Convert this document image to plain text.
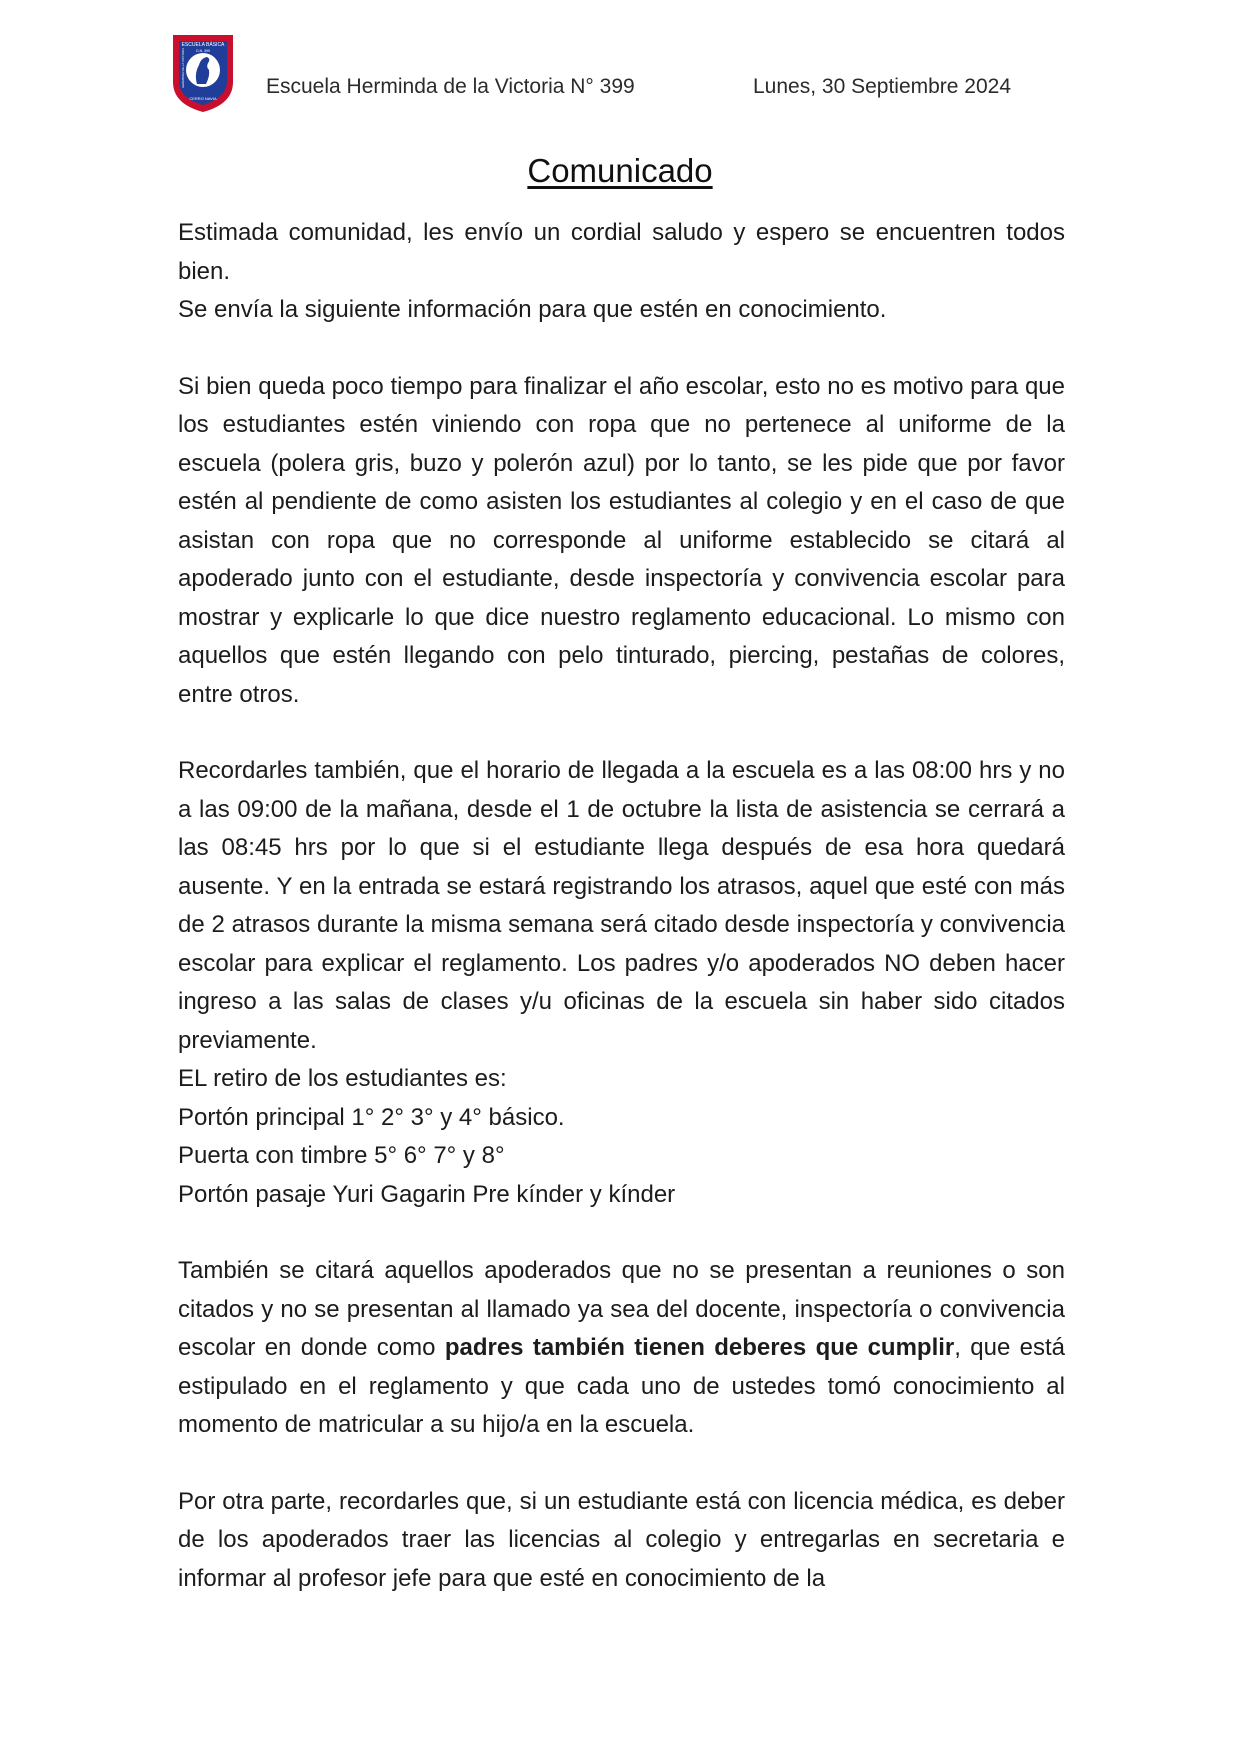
ESCUELA BÁSICA
D.N. 399
HERMINDA DE LA VICTORIA
CERRO NAVIA
Escuela Herminda de la Victoria N° 399	Lunes, 30 Septiembre 2024
Comunicado

Estimada comunidad, les envío un cordial saludo y espero se encuentren todos bien.

Se envía la siguiente información para que estén en conocimiento.

Si bien queda poco tiempo para finalizar el año escolar, esto no es motivo para que los estudiantes estén viniendo con ropa que no pertenece al uniforme de la escuela (polera gris, buzo y polerón azul) por lo tanto, se les pide que por favor estén al pendiente de como asisten los estudiantes al colegio y en el caso de que asistan con ropa que no corresponde al uniforme establecido se citará al apoderado junto con el estudiante, desde inspectoría y convivencia escolar para mostrar y explicarle lo que dice nuestro reglamento educacional. Lo mismo con aquellos que estén llegando con pelo tinturado, piercing, pestañas de colores, entre otros.

Recordarles también, que el horario de llegada a la escuela es a las 08:00 hrs y no a las 09:00 de la mañana, desde el 1 de octubre la lista de asistencia se cerrará a las 08:45 hrs por lo que si el estudiante llega después de esa hora quedará ausente. Y en la entrada se estará registrando los atrasos, aquel que esté con más de 2 atrasos durante la misma semana será citado desde inspectoría y convivencia escolar para explicar el reglamento. Los padres y/o apoderados NO deben hacer ingreso a las salas de clases y/u oficinas de la escuela sin haber sido citados previamente.

EL retiro de los estudiantes es:

Portón principal 1° 2° 3° y 4° básico.

Puerta con timbre 5° 6° 7° y 8°

Portón pasaje Yuri Gagarin Pre kínder y kínder

También se citará aquellos apoderados que no se presentan a reuniones o son citados y no se presentan al llamado ya sea del docente, inspectoría o convivencia escolar en donde como padres también tienen deberes que cumplir, que está estipulado en el reglamento y que cada uno de ustedes tomó conocimiento al momento de matricular a su hijo/a en la escuela.

Por otra parte, recordarles que, si un estudiante está con licencia médica, es deber de los apoderados traer las licencias al colegio y entregarlas en secretaria e informar al profesor jefe para que esté en conocimiento de la
